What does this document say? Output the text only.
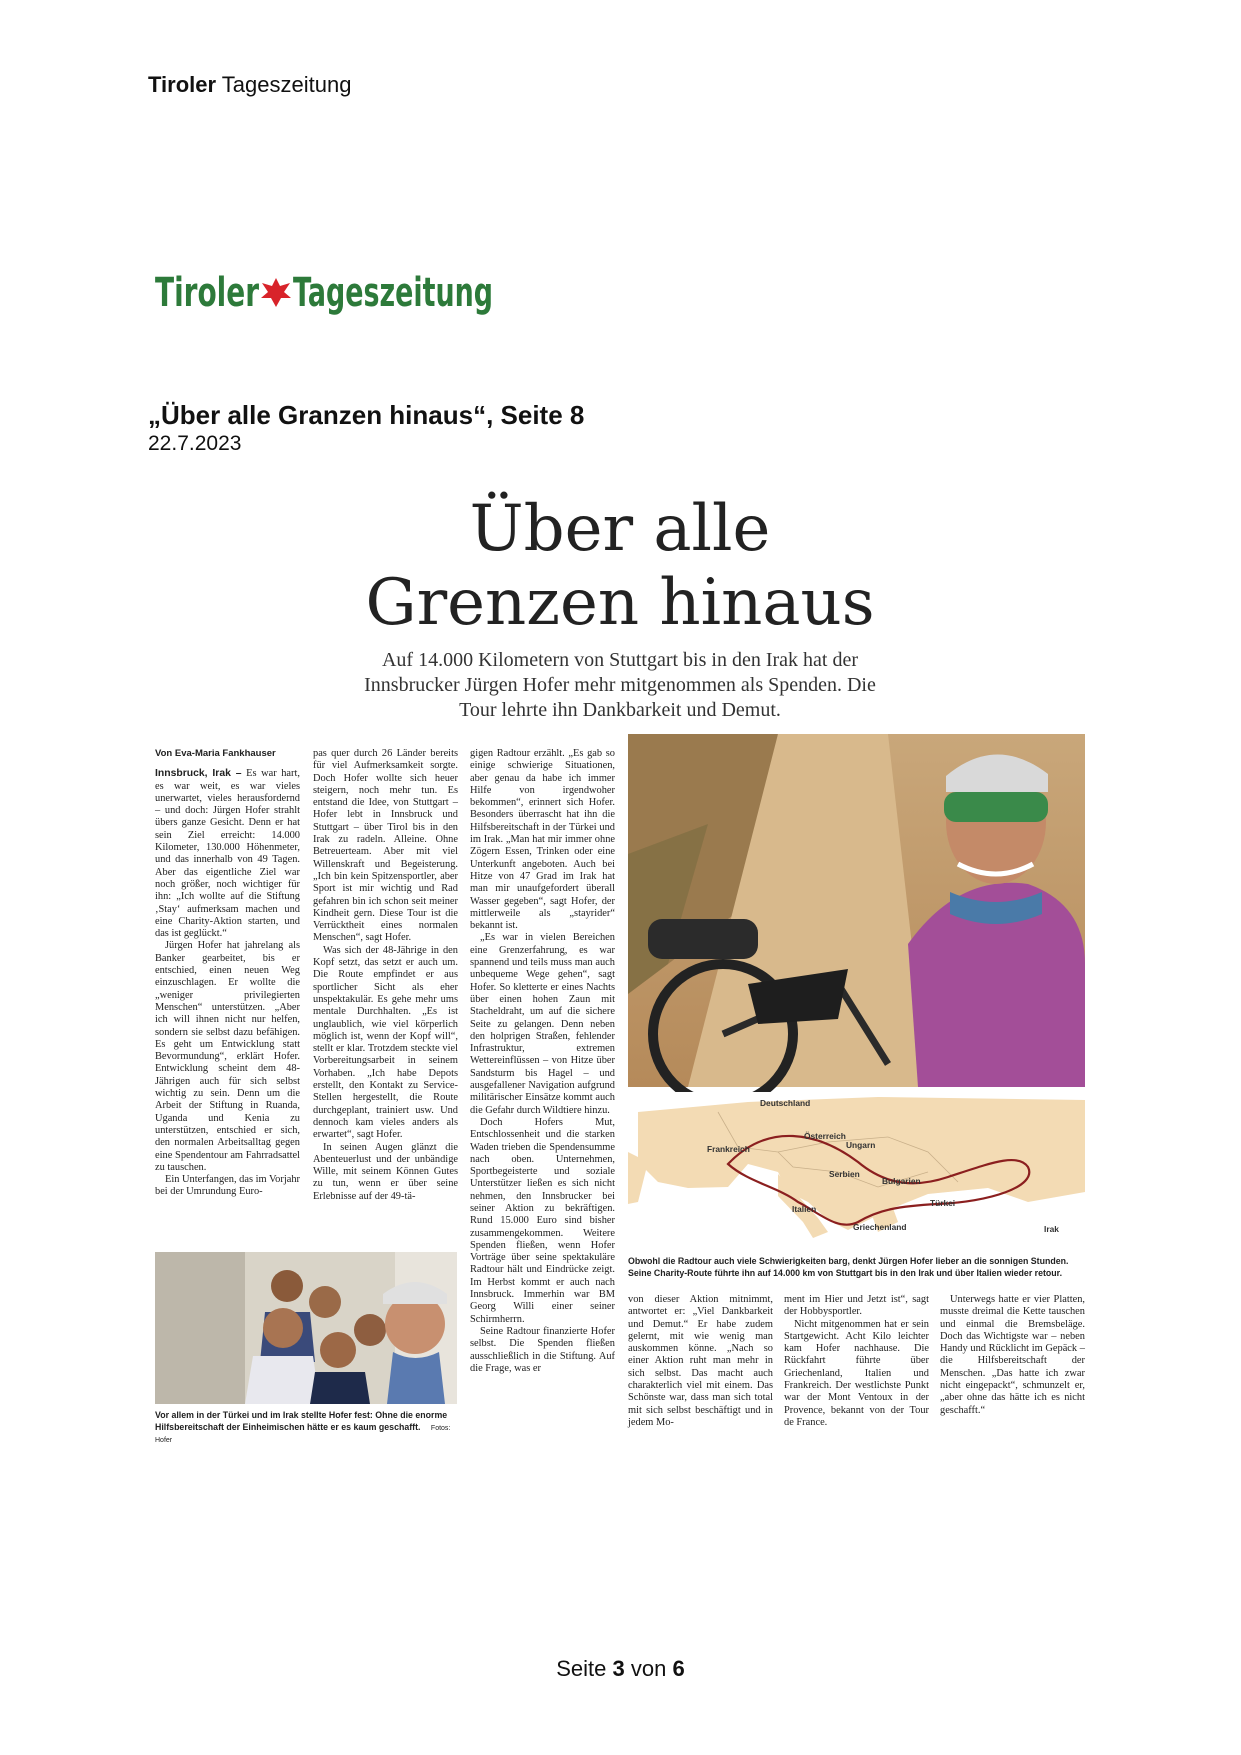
Tiroler Tageszeitung
Tiroler Tageszeitung
„Über alle Granzen hinaus“, Seite 8
22.7.2023
Über alle
Grenzen hinaus
Auf 14.000 Kilometern von Stuttgart bis in den Irak hat der Innsbrucker Jürgen Hofer mehr mitgenommen als Spenden. Die Tour lehrte ihn Dankbarkeit und Demut.
Von Eva-Maria Fankhauser

Innsbruck, Irak – Es war hart, es war weit, es war vieles unerwartet, vieles herausfordernd – und doch: Jürgen Hofer strahlt übers ganze Gesicht. Denn er hat sein Ziel erreicht: 14.000 Kilometer, 130.000 Höhenmeter, und das innerhalb von 49 Tagen. Aber das eigentliche Ziel war noch größer, noch wichtiger für ihn: „Ich wollte auf die Stiftung ‚Stay‘ aufmerksam machen und eine Charity-Aktion starten, und das ist geglückt.“

Jürgen Hofer hat jahrelang als Banker gearbeitet, bis er entschied, einen neuen Weg einzuschlagen. Er wollte die „weniger privilegierten Menschen“ unterstützen. „Aber ich will ihnen nicht nur helfen, sondern sie selbst dazu befähigen. Es geht um Entwicklung statt Bevormundung“, erklärt Hofer. Entwicklung scheint dem 48-Jährigen auch für sich selbst wichtig zu sein. Denn um die Arbeit der Stiftung in Ruanda, Uganda und Kenia zu unterstützen, entschied er sich, den normalen Arbeitsalltag gegen eine Spendentour am Fahrradsattel zu tauschen.

Ein Unterfangen, das im Vorjahr bei der Umrundung Euro-

pas quer durch 26 Länder bereits für viel Aufmerksamkeit sorgte. Doch Hofer wollte sich heuer steigern, noch mehr tun. Es entstand die Idee, von Stuttgart – Hofer lebt in Innsbruck und Stuttgart – über Tirol bis in den Irak zu radeln. Alleine. Ohne Betreuerteam. Aber mit viel Willenskraft und Begeisterung. „Ich bin kein Spitzensportler, aber Sport ist mir wichtig und Rad gefahren bin ich schon seit meiner Kindheit gern. Diese Tour ist die Verrücktheit eines normalen Menschen“, sagt Hofer.

Was sich der 48-Jährige in den Kopf setzt, das setzt er auch um. Die Route empfindet er aus sportlicher Sicht als eher unspektakulär. Es gehe mehr ums mentale Durchhalten. „Es ist unglaublich, wie viel körperlich möglich ist, wenn der Kopf will“, stellt er klar. Trotzdem steckte viel Vorbereitungsarbeit in seinem Vorhaben. „Ich habe Depots erstellt, den Kontakt zu Service-Stellen hergestellt, die Route durchgeplant, trainiert usw. Und dennoch kam vieles anders als erwartet“, sagt Hofer.

In seinen Augen glänzt die Abenteuerlust und der unbändige Wille, mit seinem Können Gutes zu tun, wenn er über seine Erlebnisse auf der 49-tä-

gigen Radtour erzählt. „Es gab so einige schwierige Situationen, aber genau da habe ich immer Hilfe von irgendwoher bekommen“, erinnert sich Hofer. Besonders überrascht hat ihn die Hilfsbereitschaft in der Türkei und im Irak. „Man hat mir immer ohne Zögern Essen, Trinken oder eine Unterkunft angeboten. Auch bei Hitze von 47 Grad im Irak hat man mir unaufgefordert überall Wasser gegeben“, sagt Hofer, der mittlerweile als „stayrider“ bekannt ist.

„Es war in vielen Bereichen eine Grenzerfahrung, es war spannend und teils muss man auch unbequeme Wege gehen“, sagt Hofer. So kletterte er eines Nachts über einen hohen Zaun mit Stacheldraht, um auf die sichere Seite zu gelangen. Denn neben den holprigen Straßen, fehlender Infrastruktur, extremen Wettereinflüssen – von Hitze über Sandsturm bis Hagel – und ausgefallener Navigation aufgrund militärischer Einsätze kommt auch die Gefahr durch Wildtiere hinzu.

Doch Hofers Mut, Entschlossenheit und die starken Waden trieben die Spendensumme nach oben. Unternehmen, Sportbegeisterte und soziale Unterstützer ließen es sich nicht nehmen, den Innsbrucker bei seiner Aktion zu bekräftigen. Rund 15.000 Euro sind bisher zusammengekommen. Weitere Spenden fließen, wenn Hofer Vorträge über seine spektakuläre Radtour hält und Eindrücke zeigt. Im Herbst kommt er auch nach Innsbruck. Immerhin war BM Georg Willi einer seiner Schirmherrn.

Seine Radtour finanzierte Hofer selbst. Die Spenden fließen ausschließlich in die Stiftung. Auf die Frage, was er

von dieser Aktion mitnimmt, antwortet er: „Viel Dankbarkeit und Demut.“ Er habe zudem gelernt, mit wie wenig man auskommen könne. „Nach so einer Aktion ruht man mehr in sich selbst. Das macht auch charakterlich viel mit einem. Das Schönste war, dass man sich total mit sich selbst beschäftigt und in jedem Mo-

ment im Hier und Jetzt ist“, sagt der Hobbysportler.

Nicht mitgenommen hat er sein Startgewicht. Acht Kilo leichter kam Hofer nachhause. Die Rückfahrt führte über Griechenland, Italien und Frankreich. Der westlichste Punkt war der Mont Ventoux in der Provence, bekannt von der Tour de France.

Unterwegs hatte er vier Platten, musste dreimal die Kette tauschen und einmal die Bremsbeläge. Doch das Wichtigste war – neben Handy und Rücklicht im Gepäck – die Hilfsbereitschaft der Menschen. „Das hatte ich zwar nicht eingepackt“, schmunzelt er, „aber ohne das hätte ich es nicht geschafft.“

Deutschland
Frankreich
Österreich
Ungarn
Serbien
Bulgarien
Italien
Türkei
Griechenland	Irak
Obwohl die Radtour auch viele Schwierigkeiten barg, denkt Jürgen Hofer lieber an die sonnigen Stunden. Seine Charity-Route führte ihn auf 14.000 km von Stuttgart bis in den Irak und über Italien wieder retour.
Vor allem in der Türkei und im Irak stellte Hofer fest: Ohne die enorme Hilfsbereitschaft der Einheimischen hätte er es kaum geschafft. Fotos: Hofer
Seite 3 von 6
